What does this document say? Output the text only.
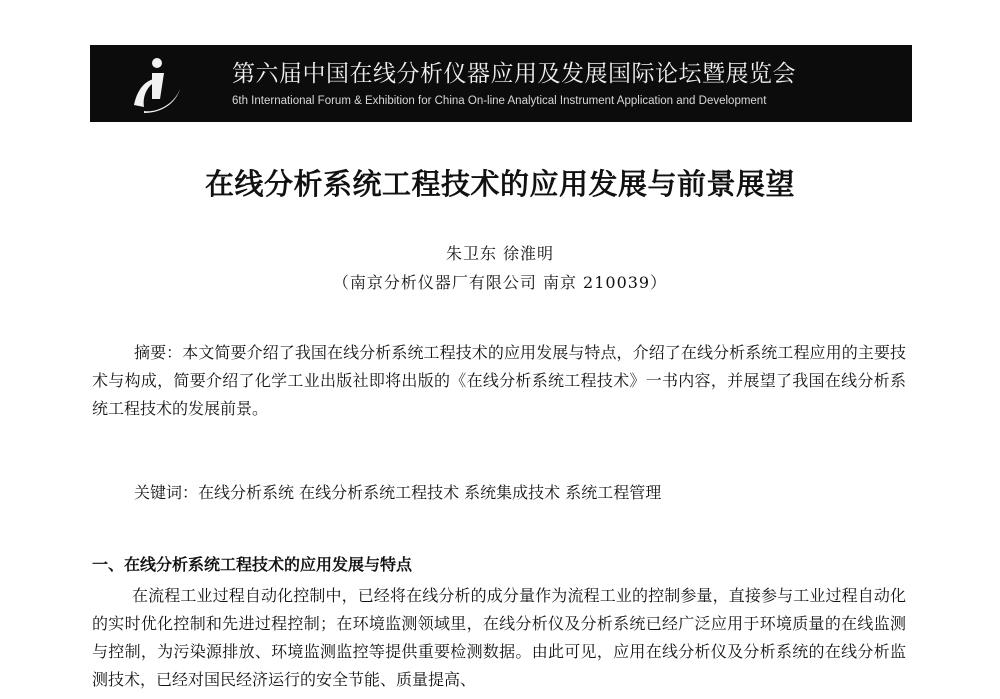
第六届中国在线分析仪器应用及发展国际论坛暨展览会
6th International Forum & Exhibition for China On-line Analytical Instrument Application and Development
在线分析系统工程技术的应用发展与前景展望
朱卫东 徐淮明
（南京分析仪器厂有限公司 南京 210039）

摘要：本文简要介绍了我国在线分析系统工程技术的应用发展与特点，介绍了在线分析系统工程应用的主要技术与构成，简要介绍了化学工业出版社即将出版的《在线分析系统工程技术》一书内容，并展望了我国在线分析系统工程技术的发展前景。

关键词：在线分析系统 在线分析系统工程技术 系统集成技术 系统工程管理

一、在线分析系统工程技术的应用发展与特点

在流程工业过程自动化控制中，已经将在线分析的成分量作为流程工业的控制参量，直接参与工业过程自动化的实时优化控制和先进过程控制；在环境监测领域里，在线分析仪及分析系统已经广泛应用于环境质量的在线监测与控制，为污染源排放、环境监测监控等提供重要检测数据。由此可见，应用在线分析仪及分析系统的在线分析监测技术，已经对国民经济运行的安全节能、质量提高、
